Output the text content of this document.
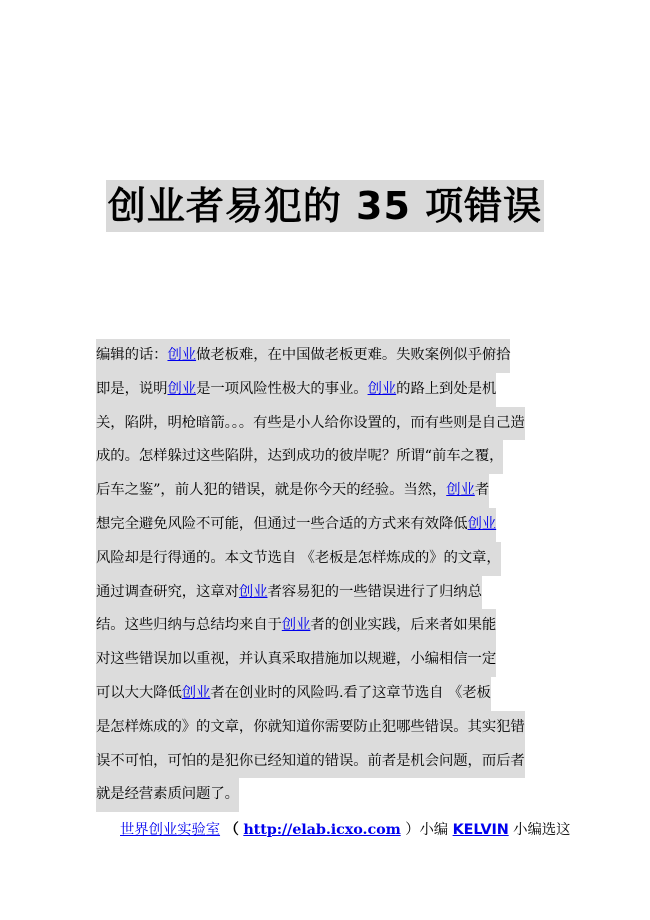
创业者易犯的 35 项错误
编辑的话：创业做老板难，在中国做老板更难。失败案例似乎俯拾
即是，说明创业是一项风险性极大的事业。创业的路上到处是机
关，陷阱，明枪暗箭。。。有些是小人给你设置的，而有些则是自己造
成的。怎样躲过这些陷阱，达到成功的彼岸呢？所谓“前车之覆，
后车之鉴”，前人犯的错误，就是你今天的经验。当然，创业者
想完全避免风险不可能，但通过一些合适的方式来有效降低创业
风险却是行得通的。本文节选自 《老板是怎样炼成的》的文章，
通过调查研究，这章对创业者容易犯的一些错误进行了归纳总
结。这些归纳与总结均来自于创业者的创业实践，后来者如果能
对这些错误加以重视，并认真采取措施加以规避，小编相信一定
可以大大降低创业者在创业时的风险吗.看了这章节选自 《老板
是怎样炼成的》的文章，你就知道你需要防止犯哪些错误。其实犯错
误不可怕，可怕的是犯你已经知道的错误。前者是机会问题，而后者
就是经营素质问题了。
世界创业实验室 （ http://elab.icxo.com ）小编 KELVIN 小编选这
